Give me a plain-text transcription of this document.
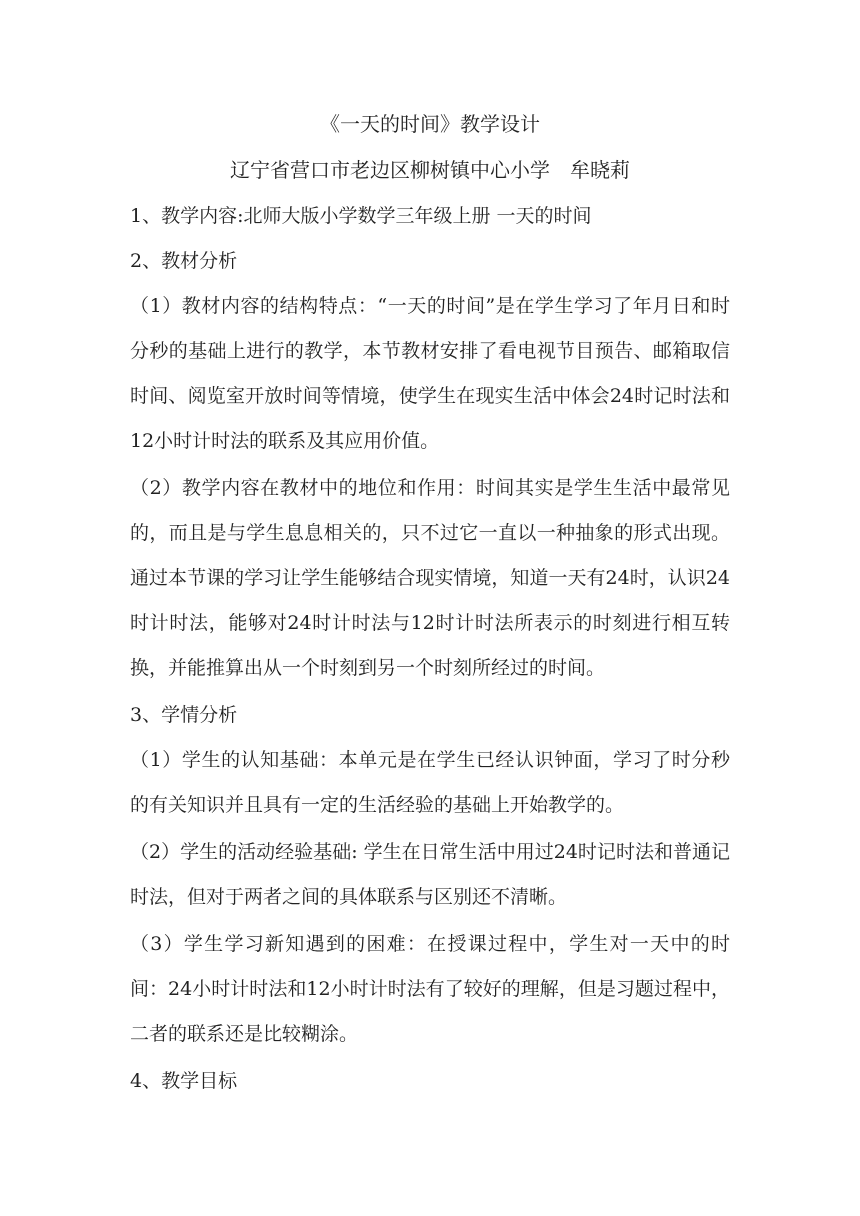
《一天的时间》教学设计

辽宁省营口市老边区柳树镇中心小学　牟晓莉

1、教学内容:北师大版小学数学三年级上册 一天的时间

2、教材分析

（1）教材内容的结构特点：“一天的时间”是在学生学习了年月日和时分秒的基础上进行的教学，本节教材安排了看电视节目预告、邮箱取信时间、阅览室开放时间等情境，使学生在现实生活中体会24时记时法和12小时计时法的联系及其应用价值。

（2）教学内容在教材中的地位和作用：时间其实是学生生活中最常见的，而且是与学生息息相关的，只不过它一直以一种抽象的形式出现。通过本节课的学习让学生能够结合现实情境，知道一天有24时，认识24时计时法，能够对24时计时法与12时计时法所表示的时刻进行相互转换，并能推算出从一个时刻到另一个时刻所经过的时间。

3、学情分析

（1）学生的认知基础：本单元是在学生已经认识钟面，学习了时分秒的有关知识并且具有一定的生活经验的基础上开始教学的。

（2）学生的活动经验基础: 学生在日常生活中用过24时记时法和普通记时法，但对于两者之间的具体联系与区别还不清晰。

（3）学生学习新知遇到的困难：在授课过程中，学生对一天中的时间：24小时计时法和12小时计时法有了较好的理解，但是习题过程中，二者的联系还是比较糊涂。

4、教学目标
